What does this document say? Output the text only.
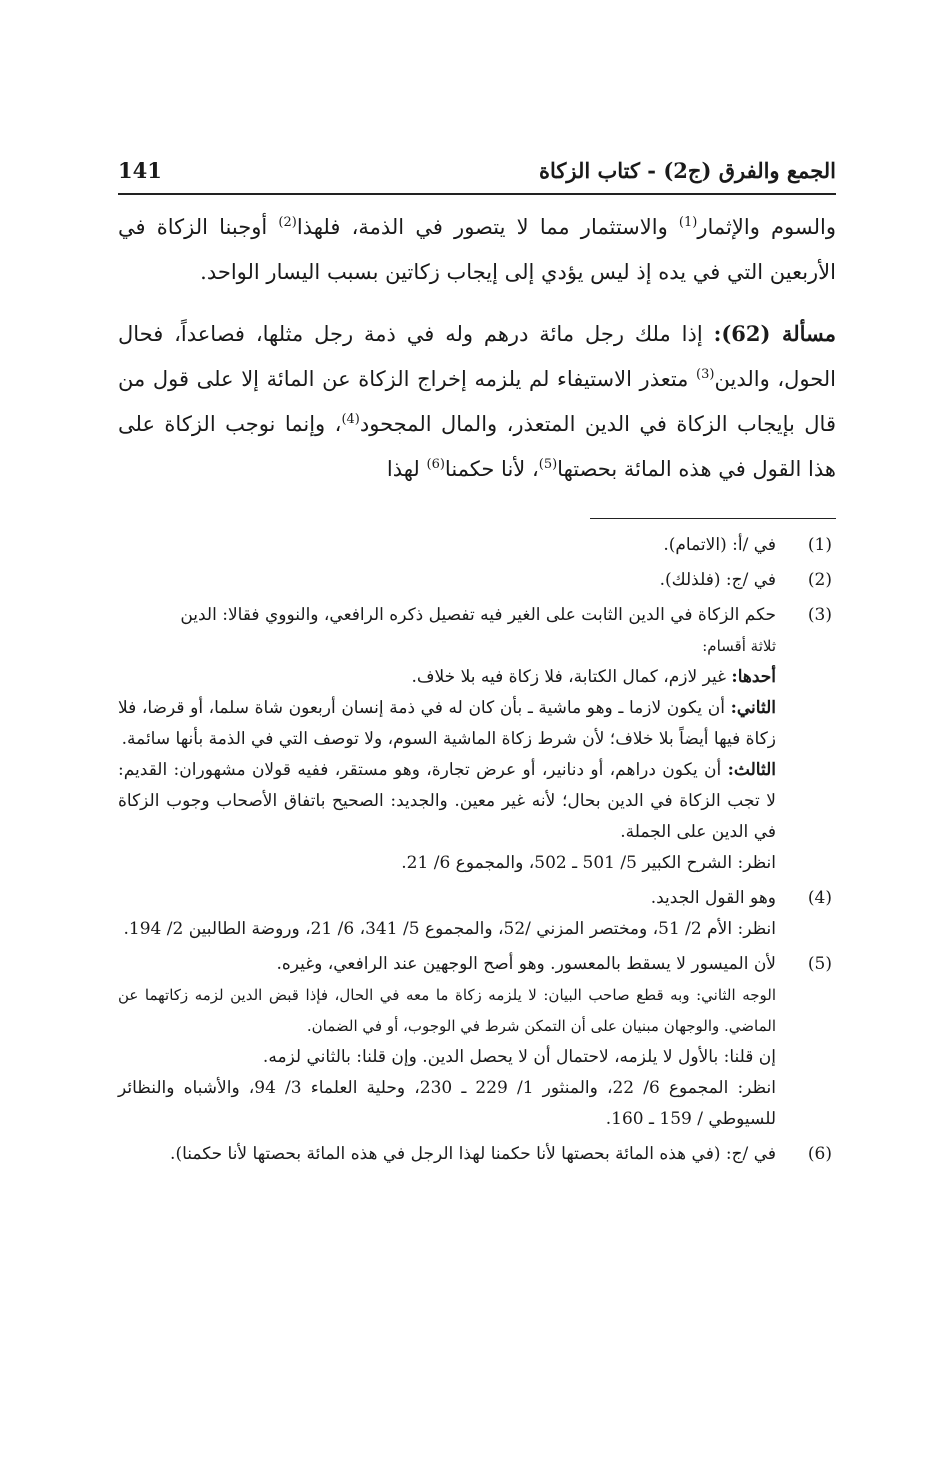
141	الجمع والفرق (ج2) - كتاب الزكاة

والسوم والإثمار$^{(1)}$ والاستثمار مما لا يتصور في الذمة، فلهذا$^{(2)}$ أوجبنا الزكاة في الأربعين التي في يده إذ ليس يؤدي إلى إيجاب زكاتين بسبب اليسار الواحد.

مسألة (62): إذا ملك رجل مائة درهم وله في ذمة رجل مثلها، فصاعداً، فحال الحول، والدين$^{(3)}$ متعذر الاستيفاء لم يلزمه إخراج الزكاة عن المائة إلا على قول من قال بإيجاب الزكاة في الدين المتعذر، والمال المجحود$^{(4)}$، وإنما نوجب الزكاة على هذا القول في هذه المائة بحصتها$^{(5)}$، لأنا حكمنا$^{(6)}$ لهذا

(1)

في /أ: (الاتمام).

(2)

في /ج: (فلذلك).

(3)

حكم الزكاة في الدين الثابت على الغير فيه تفصيل ذكره الرافعي، والنووي فقالا: الدين

ثلاثة أقسام:

أحدها: غير لازم، كمال الكتابة، فلا زكاة فيه بلا خلاف.

الثاني: أن يكون لازما ـ وهو ماشية ـ بأن كان له في ذمة إنسان أربعون شاة سلما، أو قرضا، فلا زكاة فيها أيضاً بلا خلاف؛ لأن شرط زكاة الماشية السوم، ولا توصف التي في الذمة بأنها سائمة.

الثالث: أن يكون دراهم، أو دنانير، أو عرض تجارة، وهو مستقر، ففيه قولان مشهوران: القديم: لا تجب الزكاة في الدين بحال؛ لأنه غير معين. والجديد: الصحيح باتفاق الأصحاب وجوب الزكاة في الدين على الجملة.

انظر: الشرح الكبير 5/ 501 ـ 502، والمجموع 6/ 21.

(4)

وهو القول الجديد.

انظر: الأم 2/ 51، ومختصر المزني /52، والمجموع 5/ 341، 6/ 21، وروضة الطالبين 2/ 194.

(5)

لأن الميسور لا يسقط بالمعسور. وهو أصح الوجهين عند الرافعي، وغيره.

الوجه الثاني: وبه قطع صاحب البيان: لا يلزمه زكاة ما معه في الحال، فإذا قبض الدين لزمه زكاتهما عن الماضي. والوجهان مبنيان على أن التمكن شرط في الوجوب، أو في الضمان.

إن قلنا: بالأول لا يلزمه، لاحتمال أن لا يحصل الدين. وإن قلنا: بالثاني لزمه.

انظر: المجموع 6/ 22، والمنثور 1/ 229 ـ 230، وحلية العلماء 3/ 94، والأشباه والنظائر للسيوطي / 159 ـ 160.

(6)

في /ج: (في هذه المائة بحصتها لأنا حكمنا لهذا الرجل في هذه المائة بحصتها لأنا حكمنا).
